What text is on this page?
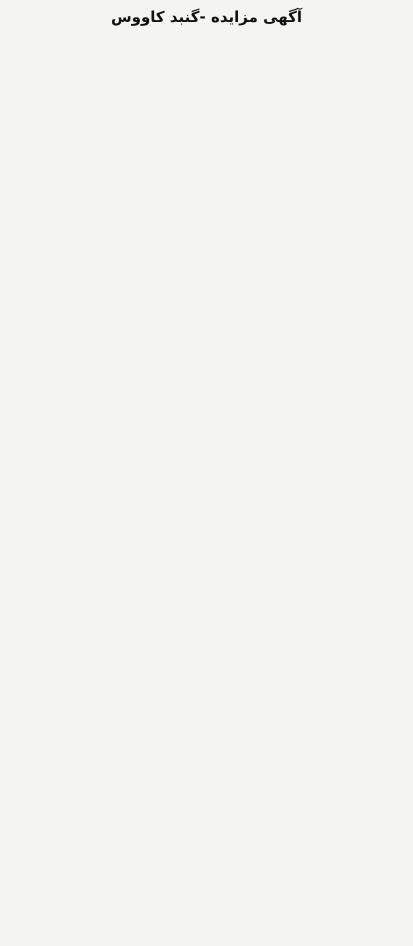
آگهی مزایده -گنبد کاووس
